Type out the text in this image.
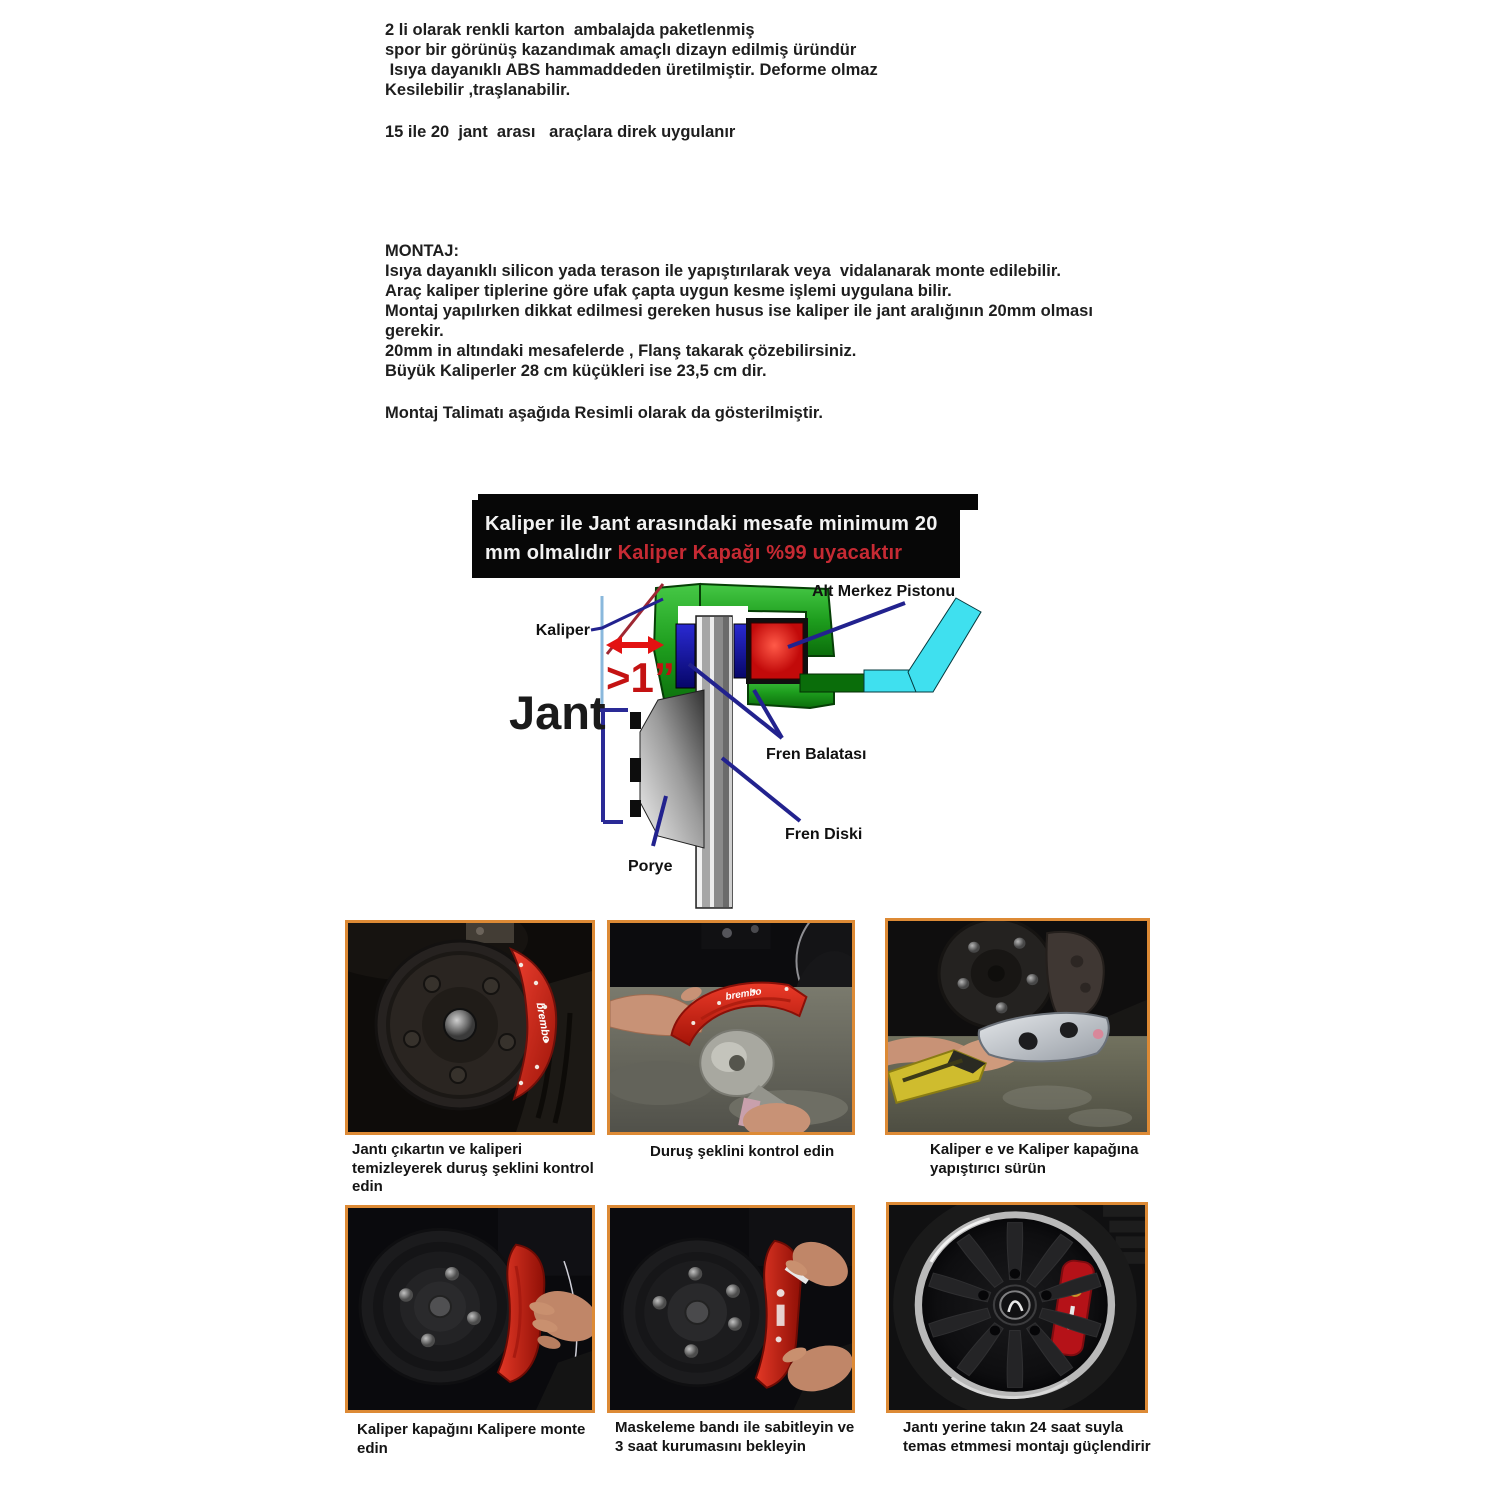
2 li olarak renkli karton  ambalajda paketlenmiş
spor bir görünüş kazandımak amaçlı dizayn edilmiş üründür
Isıya dayanıklı ABS hammaddeden üretilmiştir. Deforme olmaz
Kesilebilir ,traşlanabilir.
15 ile 20  jant  arası   araçlara direk uygulanır
MONTAJ:
Isıya dayanıklı silicon yada terason ile yapıştırılarak veya  vidalanarak monte edilebilir.
Araç kaliper tiplerine göre ufak çapta uygun kesme işlemi uygulana bilir.
Montaj yapılırken dikkat edilmesi gereken husus ise kaliper ile jant aralığının 20mm olması
gerekir.
20mm in altındaki mesafelerde , Flanş takarak çözebilirsiniz.
Büyük Kaliperler 28 cm küçükleri ise 23,5 cm dir.
Montaj Talimatı aşağıda Resimli olarak da gösterilmiştir.
Kaliper ile Jant arasındaki mesafe minimum 20
mm olmalıdır Kaliper Kapağı %99 uyacaktır
>1”
Kaliper
Jant
Alt Merkez Pistonu
Fren Balatası
Fren Diski
Porye
brembo
brembo
Jantı çıkartın ve kaliperi temizleyerek duruş şeklini kontrol edin
Duruş şeklini kontrol edin	Kaliper e ve Kaliper kapağına yapıştırıcı sürün
Kaliper kapağını Kalipere monte edin
Maskeleme bandı ile sabitleyin ve 3 saat kurumasını bekleyin
Jantı yerine takın 24 saat suyla temas etmmesi montajı güçlendirir
